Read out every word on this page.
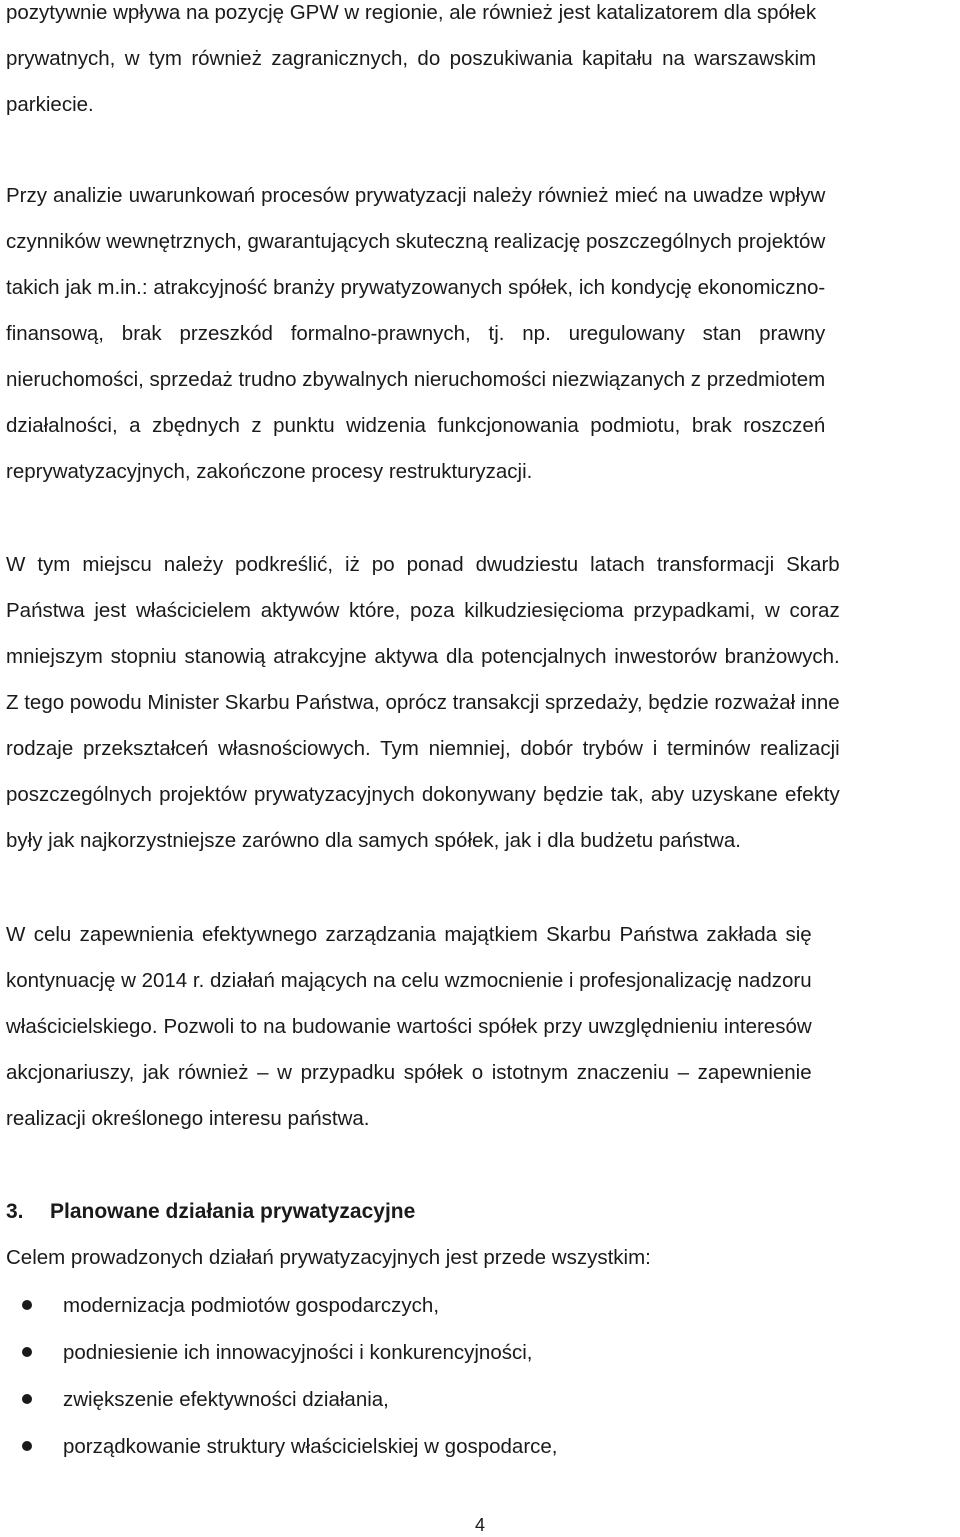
pozytywnie wpływa na pozycję GPW w regionie, ale również jest katalizatorem dla spółek
prywatnych, w tym również zagranicznych, do poszukiwania kapitału na warszawskim
parkiecie.
Przy analizie uwarunkowań procesów prywatyzacji należy również mieć na uwadze wpływ
czynników wewnętrznych, gwarantujących skuteczną realizację poszczególnych projektów
takich jak m.in.: atrakcyjność branży prywatyzowanych spółek, ich kondycję ekonomiczno-
finansową, brak przeszkód formalno-prawnych, tj. np. uregulowany stan prawny
nieruchomości, sprzedaż trudno zbywalnych nieruchomości niezwiązanych z przedmiotem
działalności, a zbędnych z punktu widzenia funkcjonowania podmiotu, brak roszczeń
reprywatyzacyjnych, zakończone procesy restrukturyzacji.
W tym miejscu należy podkreślić, iż po ponad dwudziestu latach transformacji Skarb
Państwa jest właścicielem aktywów które, poza kilkudziesięcioma przypadkami, w coraz
mniejszym stopniu stanowią atrakcyjne aktywa dla potencjalnych inwestorów branżowych.
Z tego powodu Minister Skarbu Państwa, oprócz transakcji sprzedaży, będzie rozważał inne
rodzaje przekształceń własnościowych. Tym niemniej, dobór trybów i terminów realizacji
poszczególnych projektów prywatyzacyjnych dokonywany będzie tak, aby uzyskane efekty
były jak najkorzystniejsze zarówno dla samych spółek, jak i dla budżetu państwa.
W celu zapewnienia efektywnego zarządzania majątkiem Skarbu Państwa zakłada się
kontynuację w 2014 r. działań mających na celu wzmocnienie i profesjonalizację nadzoru
właścicielskiego. Pozwoli to na budowanie wartości spółek przy uwzględnieniu interesów
akcjonariuszy, jak również – w przypadku spółek o istotnym znaczeniu – zapewnienie
realizacji określonego interesu państwa.
3. Planowane działania prywatyzacyjne
Celem prowadzonych działań prywatyzacyjnych jest przede wszystkim:
modernizacja podmiotów gospodarczych,
podniesienie ich innowacyjności i konkurencyjności,
zwiększenie efektywności działania,
porządkowanie struktury właścicielskiej w gospodarce,
4
